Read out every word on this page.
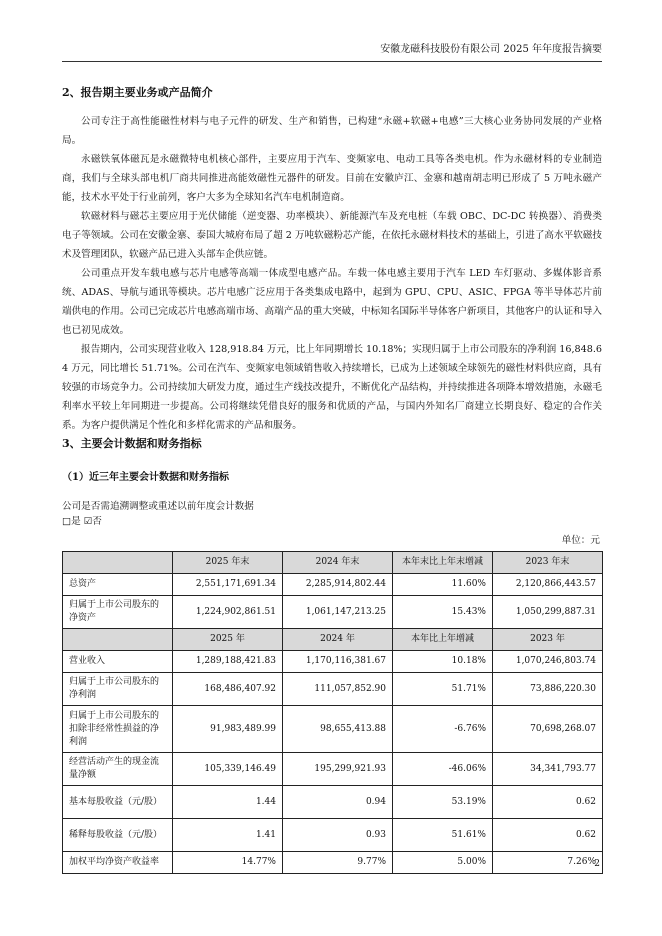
安徽龙磁科技股份有限公司 2025 年年度报告摘要
2、报告期主要业务或产品简介

公司专注于高性能磁性材料与电子元件的研发、生产和销售，已构建“永磁+软磁+电感”三大核心业务协同发展的产业格局。

永磁铁氧体磁瓦是永磁微特电机核心部件，主要应用于汽车、变频家电、电动工具等各类电机。作为永磁材料的专业制造商，我们与全球头部电机厂商共同推进高能效磁性元器件的研发。目前在安徽庐江、金寨和越南胡志明已形成了 5 万吨永磁产能，技术水平处于行业前列，客户大多为全球知名汽车电机制造商。

软磁材料与磁芯主要应用于光伏储能（逆变器、功率模块）、新能源汽车及充电桩（车载 OBC、DC-DC 转换器）、消费类电子等领域。公司在安徽金寨、泰国大城府布局了超 2 万吨软磁粉芯产能，在依托永磁材料技术的基础上，引进了高水平软磁技术及管理团队，软磁产品已进入头部车企供应链。

公司重点开发车载电感与芯片电感等高端一体成型电感产品。车载一体电感主要用于汽车 LED 车灯驱动、多媒体影音系统、ADAS、导航与通讯等模块。芯片电感广泛应用于各类集成电路中，起到为 GPU、CPU、ASIC、FPGA 等半导体芯片前端供电的作用。公司已完成芯片电感高端市场、高端产品的重大突破，中标知名国际半导体客户新项目，其他客户的认证和导入也已初见成效。

报告期内，公司实现营业收入 128,918.84 万元，比上年同期增长 10.18%；实现归属于上市公司股东的净利润 16,848.64 万元，同比增长 51.71%。公司在汽车、变频家电领域销售收入持续增长，已成为上述领域全球领先的磁性材料供应商，具有较强的市场竞争力。公司持续加大研发力度，通过生产线技改提升，不断优化产品结构，并持续推进各项降本增效措施，永磁毛利率水平较上年同期进一步提高。公司将继续凭借良好的服务和优质的产品，与国内外知名厂商建立长期良好、稳定的合作关系。为客户提供满足个性化和多样化需求的产品和服务。

3、主要会计数据和财务指标
（1）近三年主要会计数据和财务指标

公司是否需追溯调整或重述以前年度会计数据

□是 ☑否

单位：元
	2025 年末	2024 年末	本年末比上年末增减	2023 年末
总资产	2,551,171,691.34	2,285,914,802.44	11.60%	2,120,866,443.57
归属于上市公司股东的净资产	1,224,902,861.51	1,061,147,213.25	15.43%	1,050,299,887.31
	2025 年	2024 年	本年比上年增减	2023 年
营业收入	1,289,188,421.83	1,170,116,381.67	10.18%	1,070,246,803.74
归属于上市公司股东的净利润	168,486,407.92	111,057,852.90	51.71%	73,886,220.30
归属于上市公司股东的扣除非经常性损益的净利润	91,983,489.99	98,655,413.88	-6.76%	70,698,268.07
经营活动产生的现金流量净额	105,339,146.49	195,299,921.93	-46.06%	34,341,793.77
基本每股收益（元/股）	1.44	0.94	53.19%	0.62
稀释每股收益（元/股）	1.41	0.93	51.61%	0.62
加权平均净资产收益率	14.77%	9.77%	5.00%	7.26%
2
